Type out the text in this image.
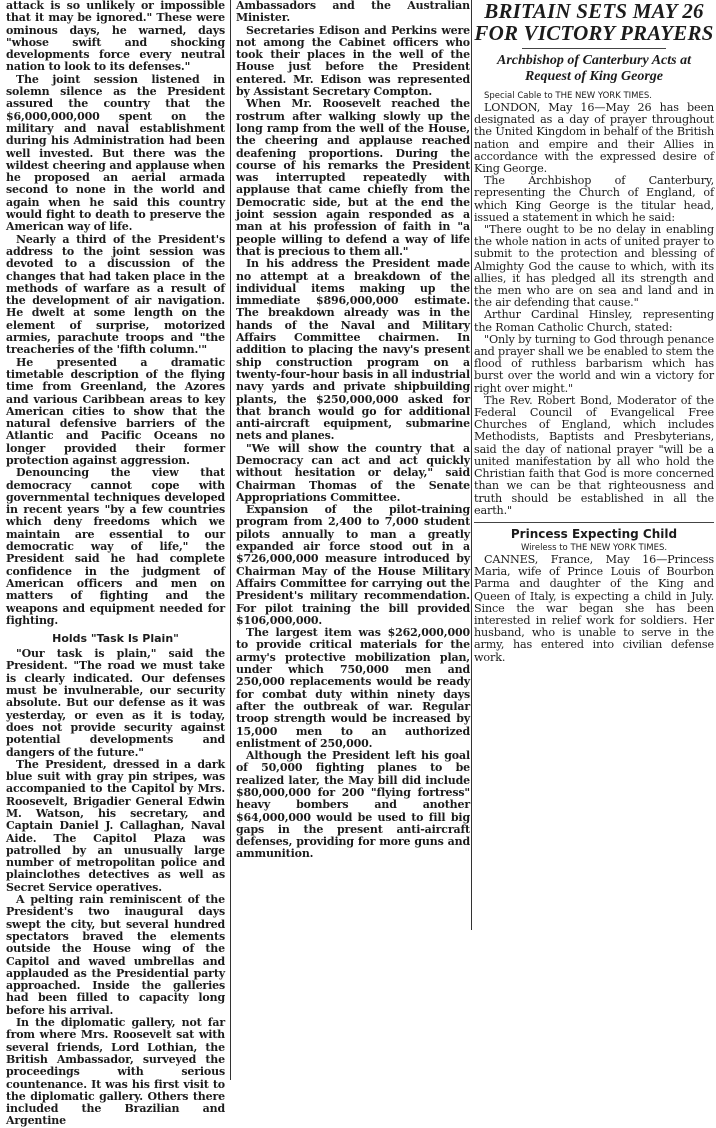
attack is so unlikely or impossible that it may be ignored." These were ominous days, he warned, days "whose swift and shocking developments force every neutral nation to look to its defenses."

The joint session listened in solemn silence as the President assured the country that the $6,000,000,000 spent on the military and naval establishment during his Administration had been well invested. But there was the wildest cheering and applause when he proposed an aerial armada second to none in the world and again when he said this country would fight to death to preserve the American way of life.

Nearly a third of the President's address to the joint session was devoted to a discussion of the changes that had taken place in the methods of warfare as a result of the development of air navigation. He dwelt at some length on the element of surprise, motorized armies, parachute troops and "the treacheries of the 'fifth column.'"

He presented a dramatic timetable description of the flying time from Greenland, the Azores and various Caribbean areas to key American cities to show that the natural defensive barriers of the Atlantic and Pacific Oceans no longer provided their former protection against aggression.

Denouncing the view that democracy cannot cope with governmental techniques developed in recent years "by a few countries which deny freedoms which we maintain are essential to our democratic way of life," the President said he had complete confidence in the judgment of American officers and men on matters of fighting and the weapons and equipment needed for fighting.

Holds "Task Is Plain"

"Our task is plain," said the President. "The road we must take is clearly indicated. Our defenses must be invulnerable, our security absolute. But our defense as it was yesterday, or even as it is today, does not provide security against potential developments and dangers of the future."

The President, dressed in a dark blue suit with gray pin stripes, was accompanied to the Capitol by Mrs. Roosevelt, Brigadier General Edwin M. Watson, his secretary, and Captain Daniel J. Callaghan, Naval Aide. The Capitol Plaza was patrolled by an unusually large number of metropolitan police and plainclothes detectives as well as Secret Service operatives.

A pelting rain reminiscent of the President's two inaugural days swept the city, but several hundred spectators braved the elements outside the House wing of the Capitol and waved umbrellas and applauded as the Presidential party approached. Inside the galleries had been filled to capacity long before his arrival.

In the diplomatic gallery, not far from where Mrs. Roosevelt sat with several friends, Lord Lothian, the British Ambassador, surveyed the proceedings with serious countenance. It was his first visit to the diplomatic gallery. Others there included the Brazilian and Argentine

Ambassadors and the Australian Minister.

Secretaries Edison and Perkins were not among the Cabinet officers who took their places in the well of the House just before the President entered. Mr. Edison was represented by Assistant Secretary Compton.

When Mr. Roosevelt reached the rostrum after walking slowly up the long ramp from the well of the House, the cheering and applause reached deafening proportions. During the course of his remarks the President was interrupted repeatedly with applause that came chiefly from the Democratic side, but at the end the joint session again responded as a man at his profession of faith in "a people willing to defend a way of life that is precious to them all."

In his address the President made no attempt at a breakdown of the individual items making up the immediate $896,000,000 estimate. The breakdown already was in the hands of the Naval and Military Affairs Committee chairmen. In addition to placing the navy's present ship construction program on a twenty-four-hour basis in all industrial navy yards and private shipbuilding plants, the $250,000,000 asked for that branch would go for additional anti-aircraft equipment, submarine nets and planes.

"We will show the country that a Democracy can act and act quickly without hesitation or delay," said Chairman Thomas of the Senate Appropriations Committee.

Expansion of the pilot-training program from 2,400 to 7,000 student pilots annually to man a greatly expanded air force stood out in a $726,000,000 measure introduced by Chairman May of the House Military Affairs Committee for carrying out the President's military recommendation. For pilot training the bill provided $106,000,000.

The largest item was $262,000,000 to provide critical materials for the army's protective mobilization plan, under which 750,000 men and 250,000 replacements would be ready for combat duty within ninety days after the outbreak of war. Regular troop strength would be increased by 15,000 men to an authorized enlistment of 250,000.

Although the President left his goal of 50,000 fighting planes to be realized later, the May bill did include $80,000,000 for 200 "flying fortress" heavy bombers and another $64,000,000 would be used to fill big gaps in the present anti-aircraft defenses, providing for more guns and ammunition.

BRITAIN SETS MAY 26 FOR VICTORY PRAYERS
Archbishop of Canterbury Acts at Request of King George
Special Cable to THE NEW YORK TIMES.

LONDON, May 16—May 26 has been designated as a day of prayer throughout the United Kingdom in behalf of the British nation and empire and their Allies in accordance with the expressed desire of King George.

The Archbishop of Canterbury, representing the Church of England, of which King George is the titular head, issued a statement in which he said:

"There ought to be no delay in enabling the whole nation in acts of united prayer to submit to the protection and blessing of Almighty God the cause to which, with its allies, it has pledged all its strength and the men who are on sea and land and in the air defending that cause."

Arthur Cardinal Hinsley, representing the Roman Catholic Church, stated:

"Only by turning to God through penance and prayer shall we be enabled to stem the flood of ruthless barbarism which has burst over the world and win a victory for right over might."

The Rev. Robert Bond, Moderator of the Federal Council of Evangelical Free Churches of England, which includes Methodists, Baptists and Presbyterians, said the day of national prayer "will be a united manifestation by all who hold the Christian faith that God is more concerned than we can be that righteousness and truth should be established in all the earth."

Princess Expecting Child
Wireless to THE NEW YORK TIMES.

CANNES, France, May 16—Princess Maria, wife of Prince Louis of Bourbon Parma and daughter of the King and Queen of Italy, is expecting a child in July. Since the war began she has been interested in relief work for soldiers. Her husband, who is unable to serve in the army, has entered into civilian defense work.
